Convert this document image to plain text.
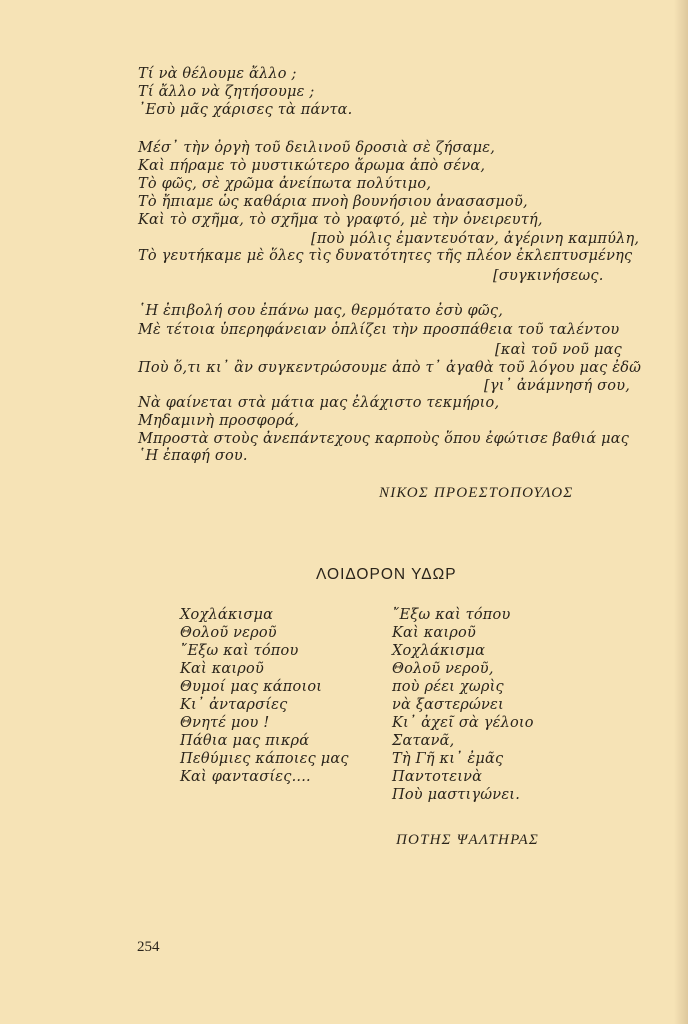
Τί νὰ θέλουμε ἄλλο ;
Τί ἄλλο νὰ ζητήσουμε ;
᾿Εσὺ μᾶς χάρισες τὰ πάντα.
Μέσ᾿ τὴν ὀργὴ τοῦ δειλινοῦ δροσιὰ σὲ ζήσαμε,
Καὶ πήραμε τὸ μυστικώτερο ἄρωμα ἀπὸ σένα,
Τὸ φῶς, σὲ χρῶμα ἀνείπωτα πολύτιμο,
Τὸ ἤπιαμε ὡς καθάρια πνοὴ βουνήσιου ἀνασασμοῦ,
Καὶ τὸ σχῆμα, τὸ σχῆμα τὸ γραφτό, μὲ τὴν ὀνειρευτή,
[ποὺ μόλις ἐμαντευόταν, ἀγέρινη καμπύλη,
Τὸ γευτήκαμε μὲ ὅλες τὶς δυνατότητες τῆς πλέον ἐκλεπτυσμένης
[συγκινήσεως.
῾Η ἐπιβολή σου ἐπάνω μας, θερμότατο ἐσὺ φῶς,
Μὲ τέτοια ὑπερηφάνειαν ὁπλίζει τὴν προσπάθεια τοῦ ταλέντου
[καὶ τοῦ νοῦ μας
Ποὺ ὅ,τι κι᾿ ἂν συγκεντρώσουμε ἀπὸ τ᾿ ἀγαθὰ τοῦ λόγου μας ἐδῶ
[γι᾿ ἀνάμνησή σου,
Νὰ φαίνεται στὰ μάτια μας ἐλάχιστο τεκμήριο,
Μηδαμινὴ προσφορά,
Μπροστὰ στοὺς ἀνεπάντεχους καρποὺς ὅπου ἐφώτισε βαθιά μας
῾Η ἐπαφή σου.
ΝΙΚΟΣ ΠΡΟΕΣΤΟΠΟΥΛΟΣ
ΛΟΙΔΟΡΟΝ ΥΔΩΡ
Χοχλάκισμα
Θολοῦ νεροῦ
῎Εξω καὶ τόπου
Καὶ καιροῦ
Θυμοί μας κάποιοι
Κι᾿ ἀνταρσίες
Θνητέ μου !
Πάθια μας πικρά
Πεθύμιες κάποιες μας
Καὶ φαντασίες....
῎Εξω καὶ τόπου
Καὶ καιροῦ
Χοχλάκισμα
Θολοῦ νεροῦ,
ποὺ ρέει χωρὶς
νὰ ξαστερώνει
Κι᾿ ἀχεῖ σὰ γέλοιο
Σατανᾶ,
Τὴ Γῆ κι᾿ ἐμᾶς
Παντοτεινὰ
Ποὺ μαστιγώνει.
ΠΟΤΗΣ ΨΑΛΤΗΡΑΣ
254
